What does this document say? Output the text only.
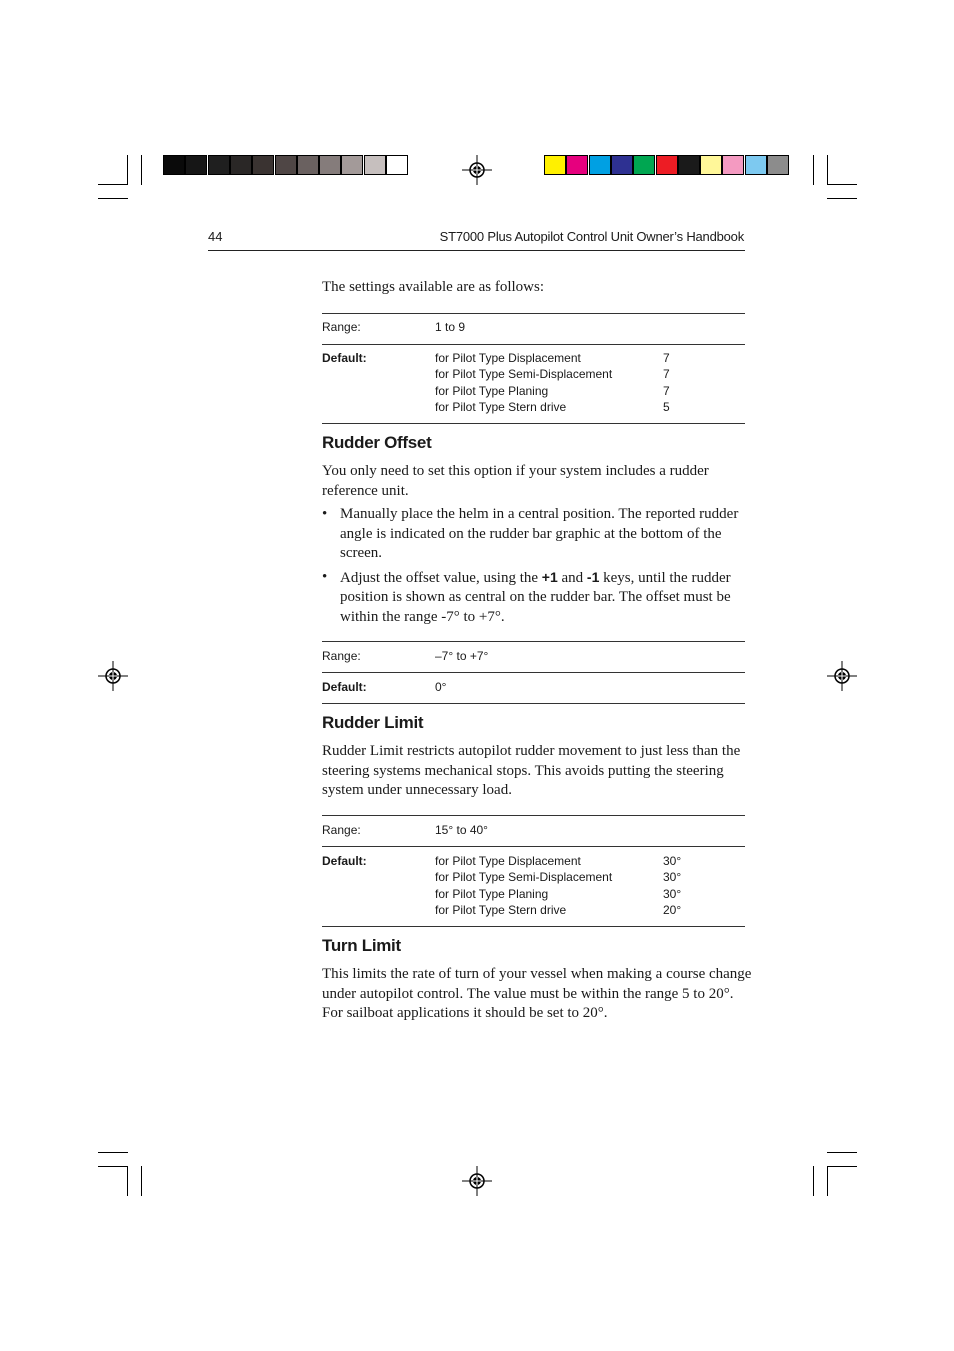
44	ST7000 Plus Autopilot Control Unit Owner’s Handbook
The settings available are as follows:
Range:	1 to 9
Default:	for Pilot Type Displacement	7
for Pilot Type Semi-Displacement	7
for Pilot Type Planing	7
for Pilot Type Stern drive	5
Rudder Offset
You only need to set this option if your system includes a rudder
reference unit.
• Manually place the helm in a central position. The reported rudder angle is indicated on the rudder bar graphic at the bottom of the screen.
• Adjust the offset value, using the +1 and -1 keys, until the rudder position is shown as central on the rudder bar. The offset must be within the range -7° to +7°.
Range:	–7° to +7°
Default:	0°
Rudder Limit
Rudder Limit restricts autopilot rudder movement to just less than the
steering systems mechanical stops. This avoids putting the steering
system under unnecessary load.
Range:	15° to 40°
Default:	for Pilot Type Displacement	30°
for Pilot Type Semi-Displacement	30°
for Pilot Type Planing	30°
for Pilot Type Stern drive	20°
Turn Limit
This limits the rate of turn of your vessel when making a course change
under autopilot control. The value must be within the range 5 to 20°.
For sailboat applications it should be set to 20°.
